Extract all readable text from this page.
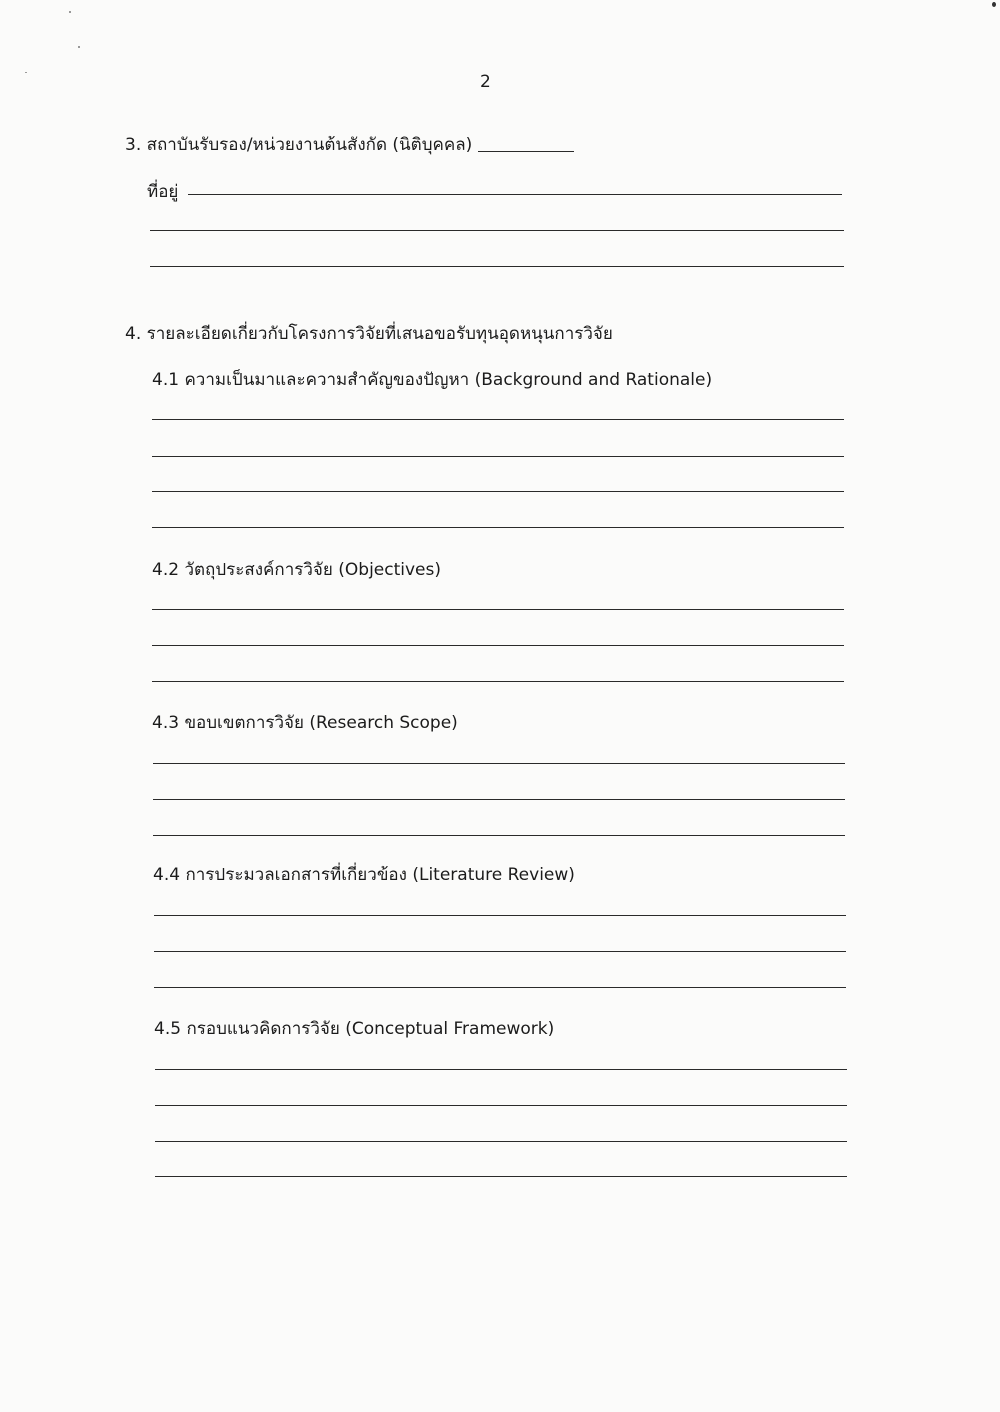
2
3. สถาบันรับรอง/หน่วยงานต้นสังกัด (นิติบุคคล)
ที่อยู่
4. รายละเอียดเกี่ยวกับโครงการวิจัยที่เสนอขอรับทุนอุดหนุนการวิจัย
4.1 ความเป็นมาและความสำคัญของปัญหา (Background and Rationale)
4.2 วัตถุประสงค์การวิจัย (Objectives)
4.3 ขอบเขตการวิจัย (Research Scope)
4.4 การประมวลเอกสารที่เกี่ยวข้อง (Literature Review)
4.5 กรอบแนวคิดการวิจัย (Conceptual Framework)
